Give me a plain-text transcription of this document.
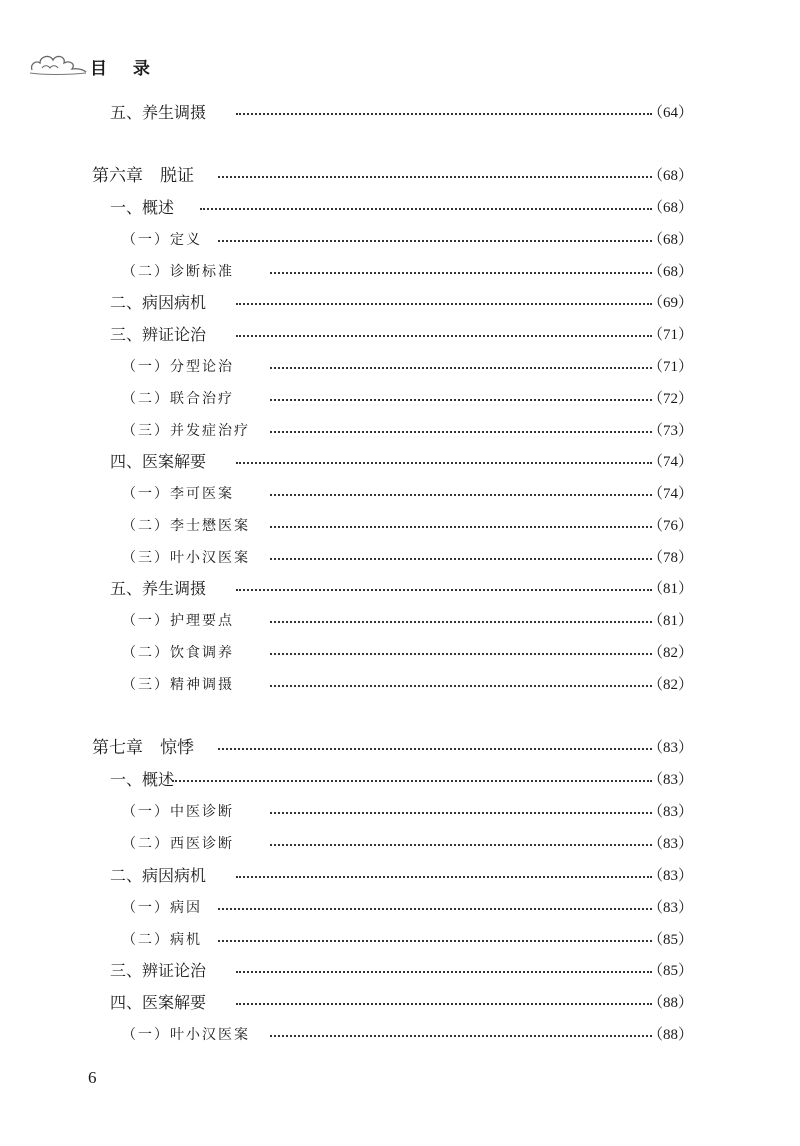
目 录
五、养生调摄	（64）
第六章　脱证	（68）
一、概述	（68）
（一）定义	（68）
（二）诊断标准	（68）
二、病因病机	（69）
三、辨证论治	（71）
（一）分型论治	（71）
（二）联合治疗	（72）
（三）并发症治疗	（73）
四、医案解要	（74）
（一）李可医案	（74）
（二）李士懋医案	（76）
（三）叶小汉医案	（78）
五、养生调摄	（81）
（一）护理要点	（81）
（二）饮食调养	（82）
（三）精神调摄	（82）
第七章　惊悸	（83）
一、概述	（83）
（一）中医诊断	（83）
（二）西医诊断	（83）
二、病因病机	（83）
（一）病因	（83）
（二）病机	（85）
三、辨证论治	（85）
四、医案解要	（88）
（一）叶小汉医案	（88）
6
